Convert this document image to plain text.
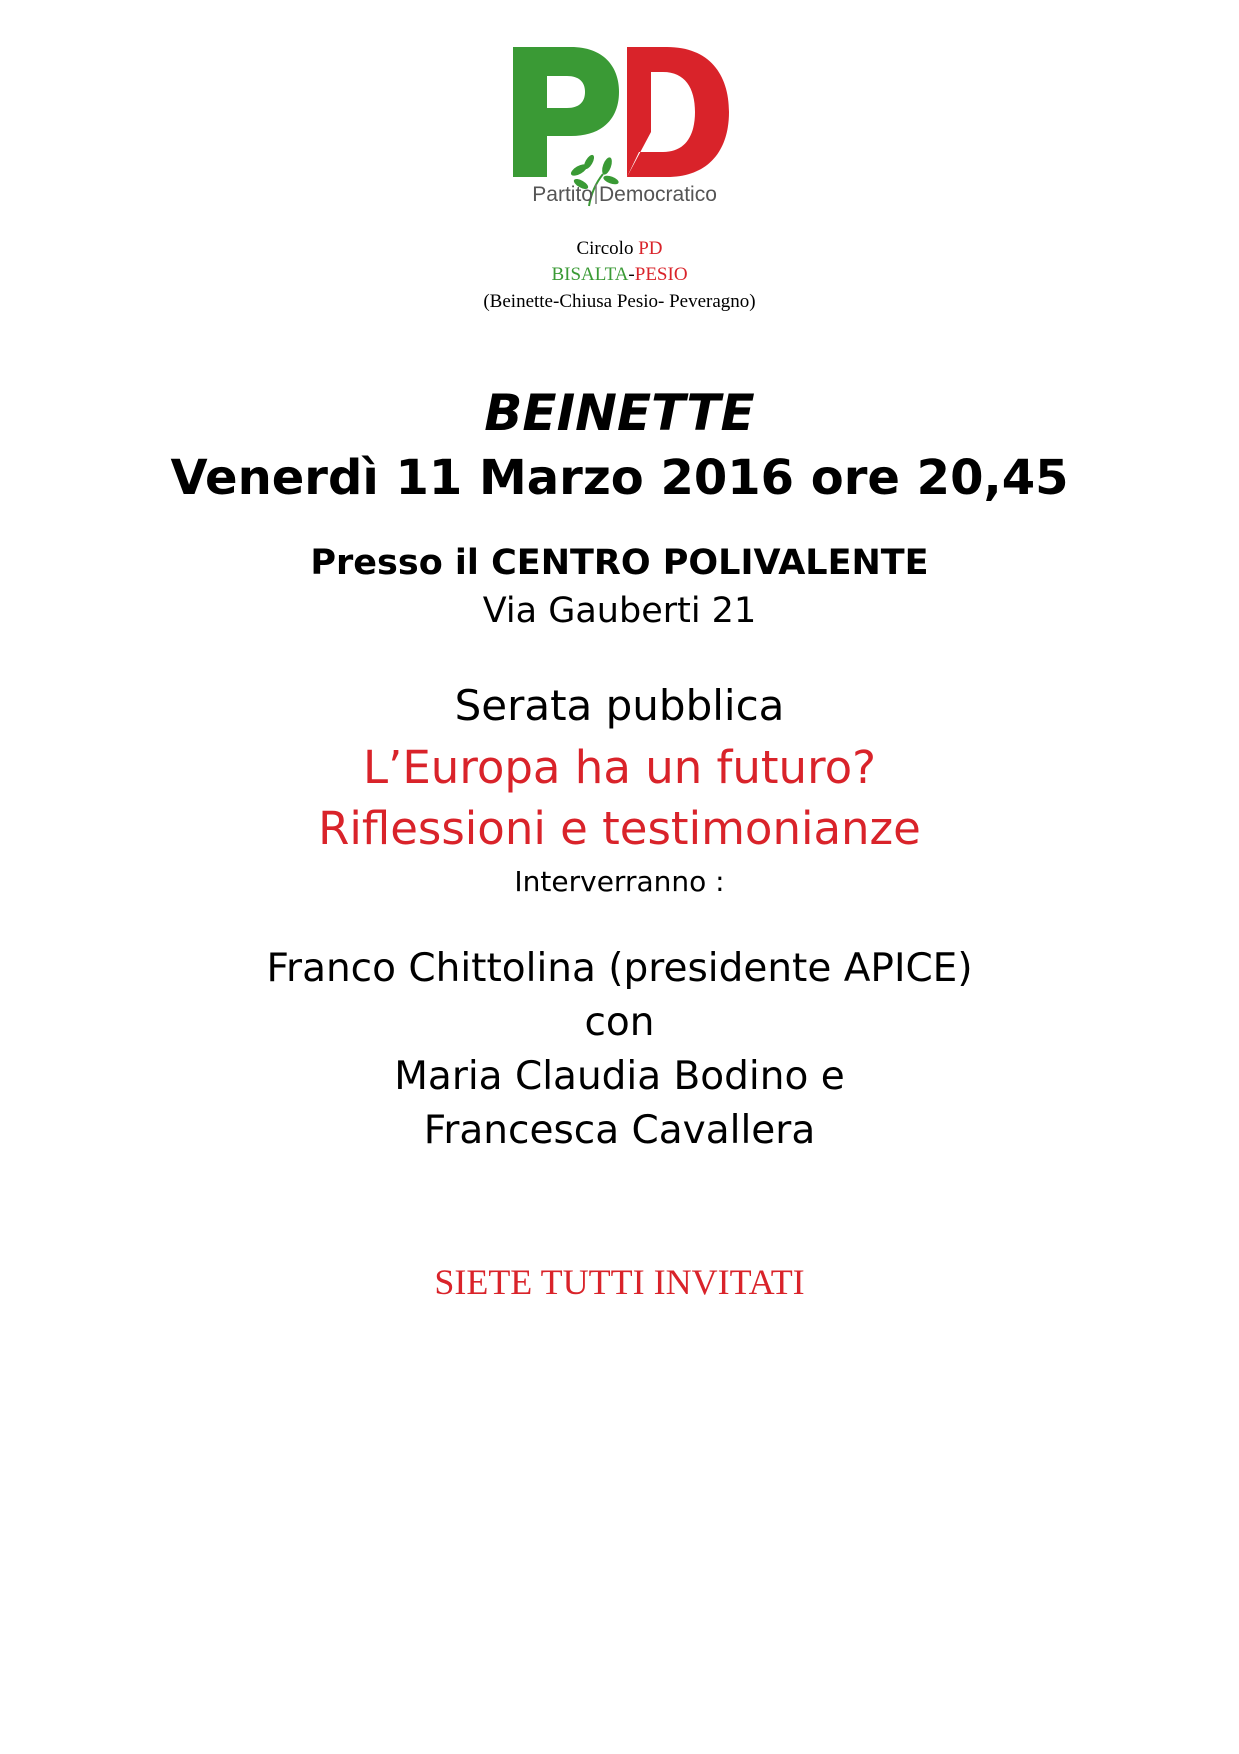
Partito Democratico
Circolo PD
BISALTA-PESIO
(Beinette-Chiusa Pesio- Peveragno)
BEINETTE
Venerdì 11 Marzo 2016 ore 20,45
Presso il CENTRO POLIVALENTE
Via Gauberti 21
Serata pubblica
L’Europa ha un futuro?
Riflessioni e testimonianze
Interverranno :
Franco Chittolina (presidente APICE)
con
Maria Claudia Bodino e
Francesca Cavallera
SIETE TUTTI INVITATI
